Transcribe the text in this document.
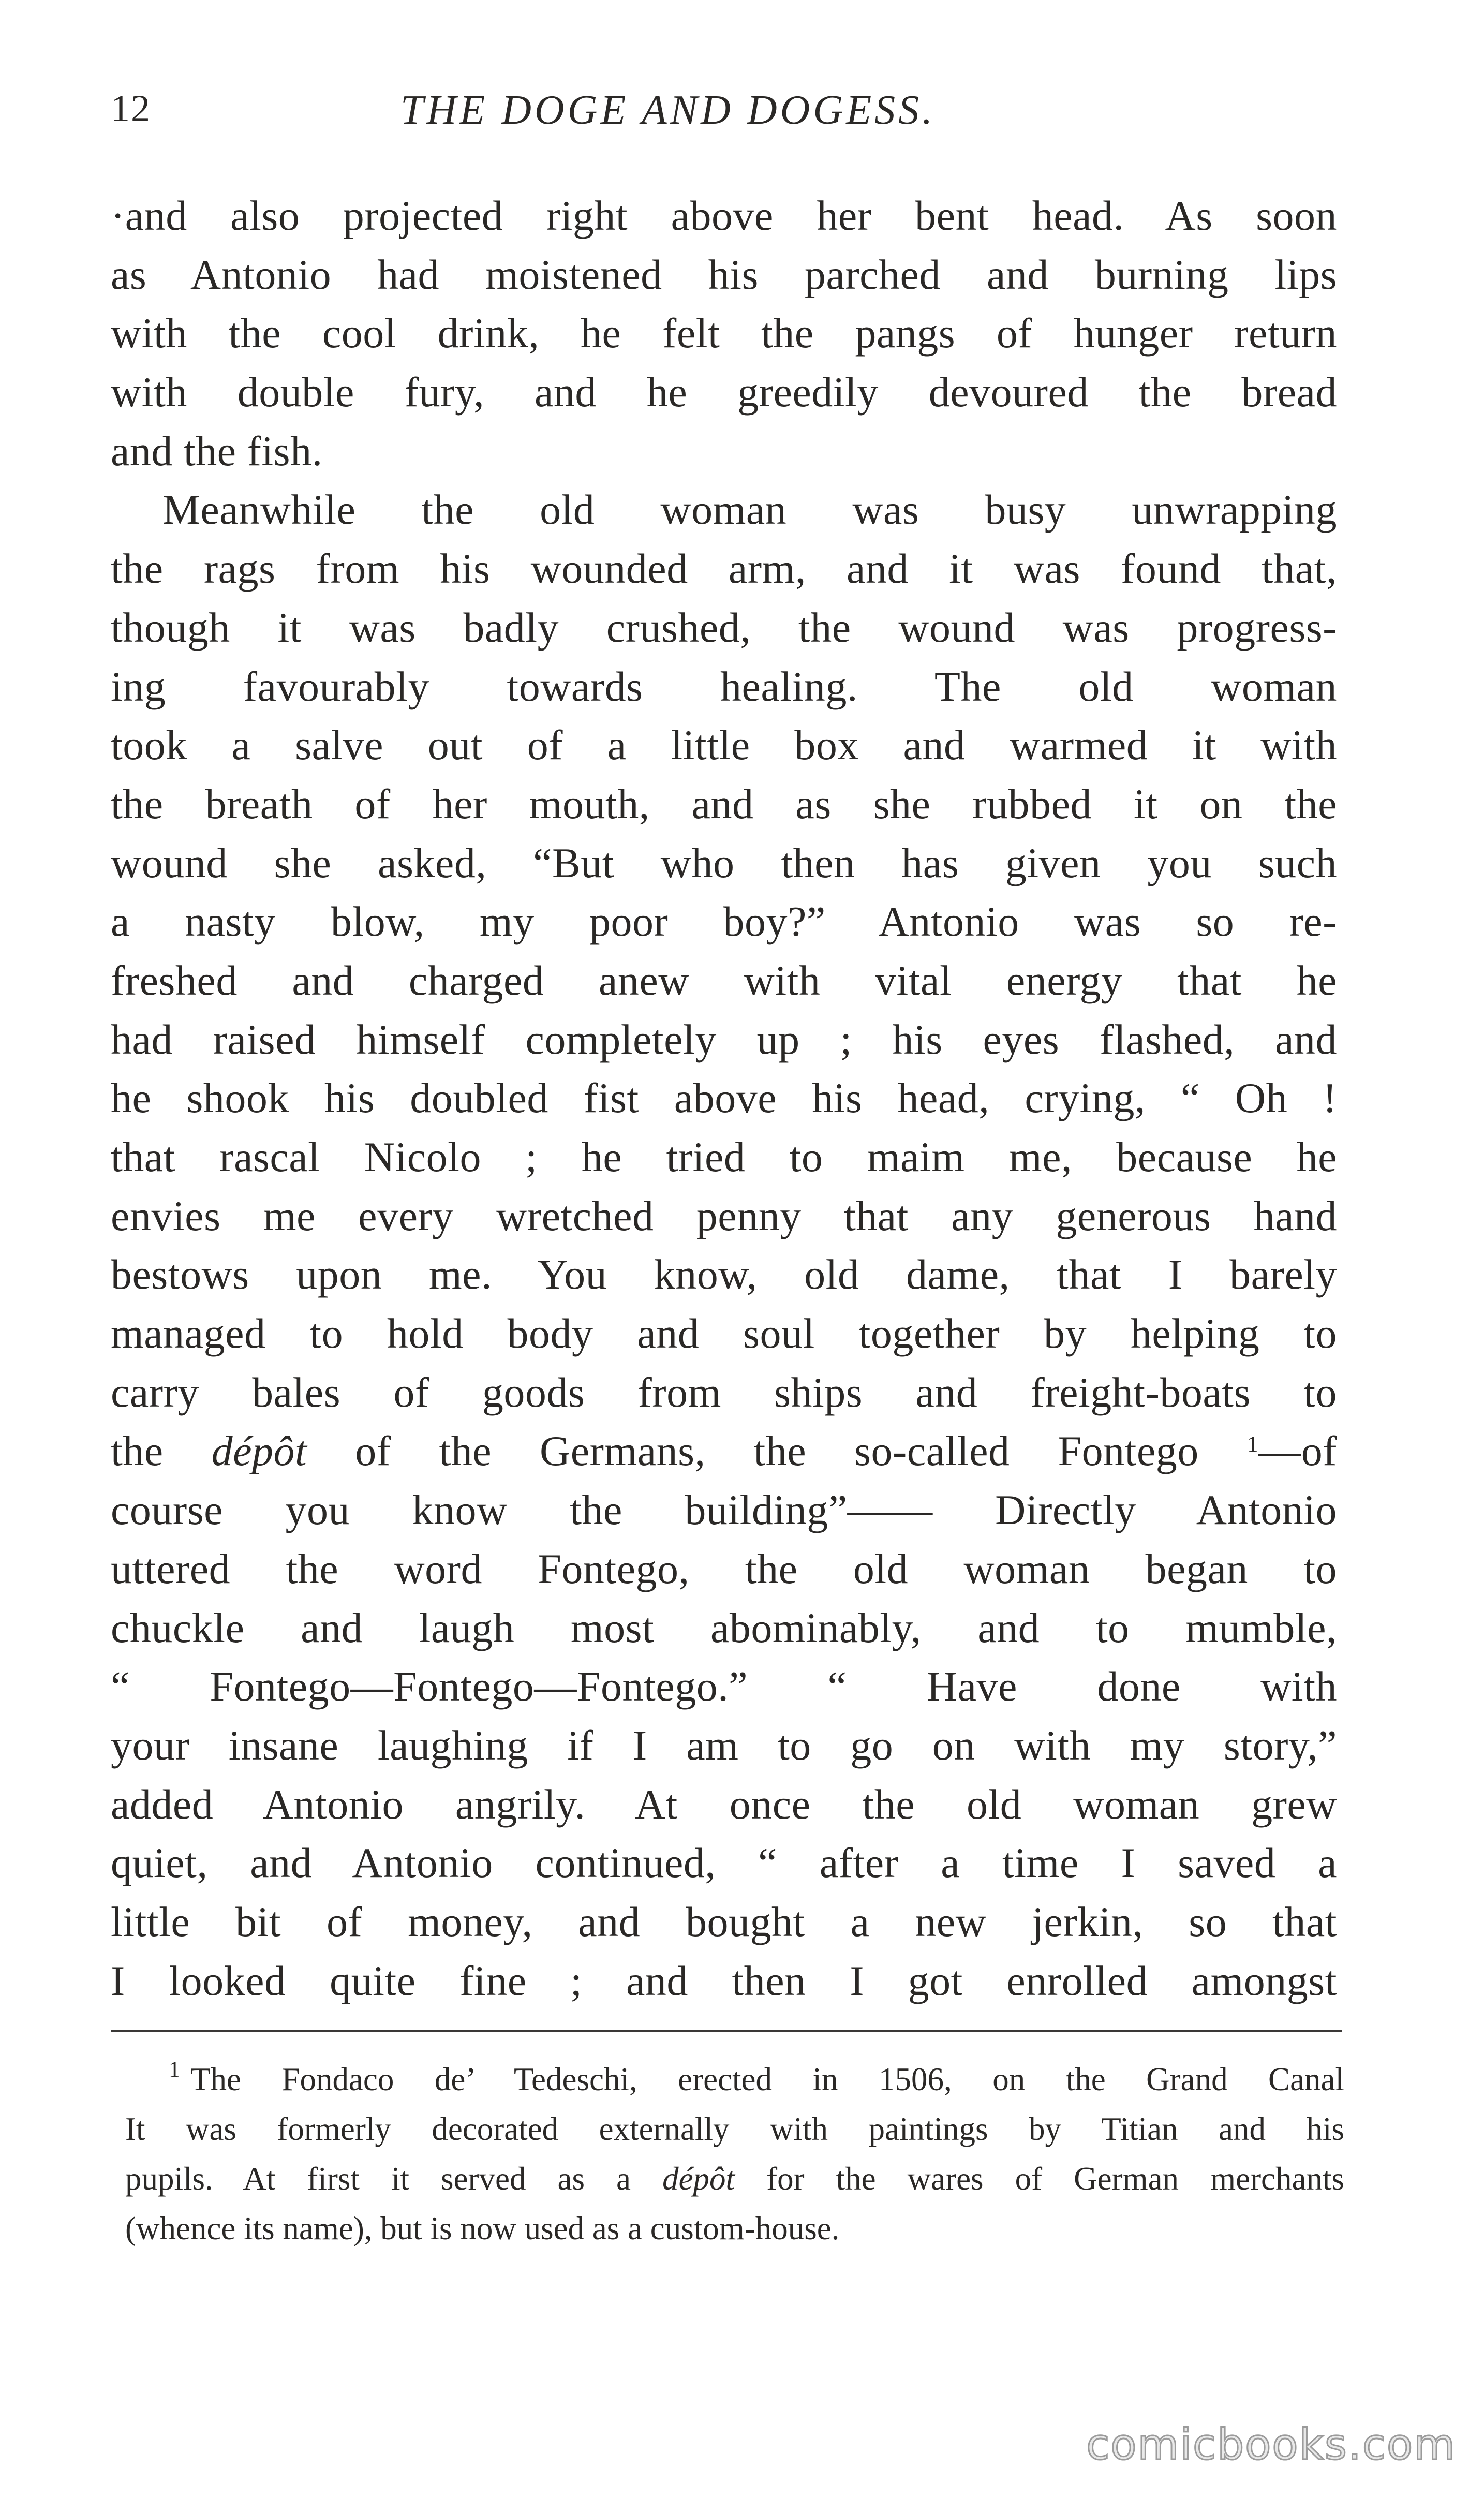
12	THE DOGE AND DOGESS.
·and also projected right above her bent head. As soon
as Antonio had moistened his parched and burning lips
with the cool drink, he felt the pangs of hunger return
with double fury, and he greedily devoured the bread
and the fish.
Meanwhile the old woman was busy unwrapping
the rags from his wounded arm, and it was found that,
though it was badly crushed, the wound was progress-
ing favourably towards healing. The old woman
took a salve out of a little box and warmed it with
the breath of her mouth, and as she rubbed it on the
wound she asked, “But who then has given you such
a nasty blow, my poor boy?” Antonio was so re-
freshed and charged anew with vital energy that he
had raised himself completely up ; his eyes flashed, and
he shook his doubled fist above his head, crying, “ Oh !
that rascal Nicolo ; he tried to maim me, because he
envies me every wretched penny that any generous hand
bestows upon me. You know, old dame, that I barely
managed to hold body and soul together by helping to
carry bales of goods from ships and freight-boats to
the dépôt of the Germans, the so-called Fontego $^1$—of
course you know the building”—— Directly Antonio
uttered the word Fontego, the old woman began to
chuckle and laugh most abominably, and to mumble,
“ Fontego—Fontego—Fontego.” “ Have done with
your insane laughing if I am to go on with my story,”
added Antonio angrily. At once the old woman grew
quiet, and Antonio continued, “ after a time I saved a
little bit of money, and bought a new jerkin, so that
I looked quite fine ; and then I got enrolled amongst
$^1$ The Fondaco de’ Tedeschi, erected in 1506, on the Grand Canal
It was formerly decorated externally with paintings by Titian and his
pupils. At first it served as a dépôt for the wares of German merchants
(whence its name), but is now used as a custom-house.
comicbooks.com
